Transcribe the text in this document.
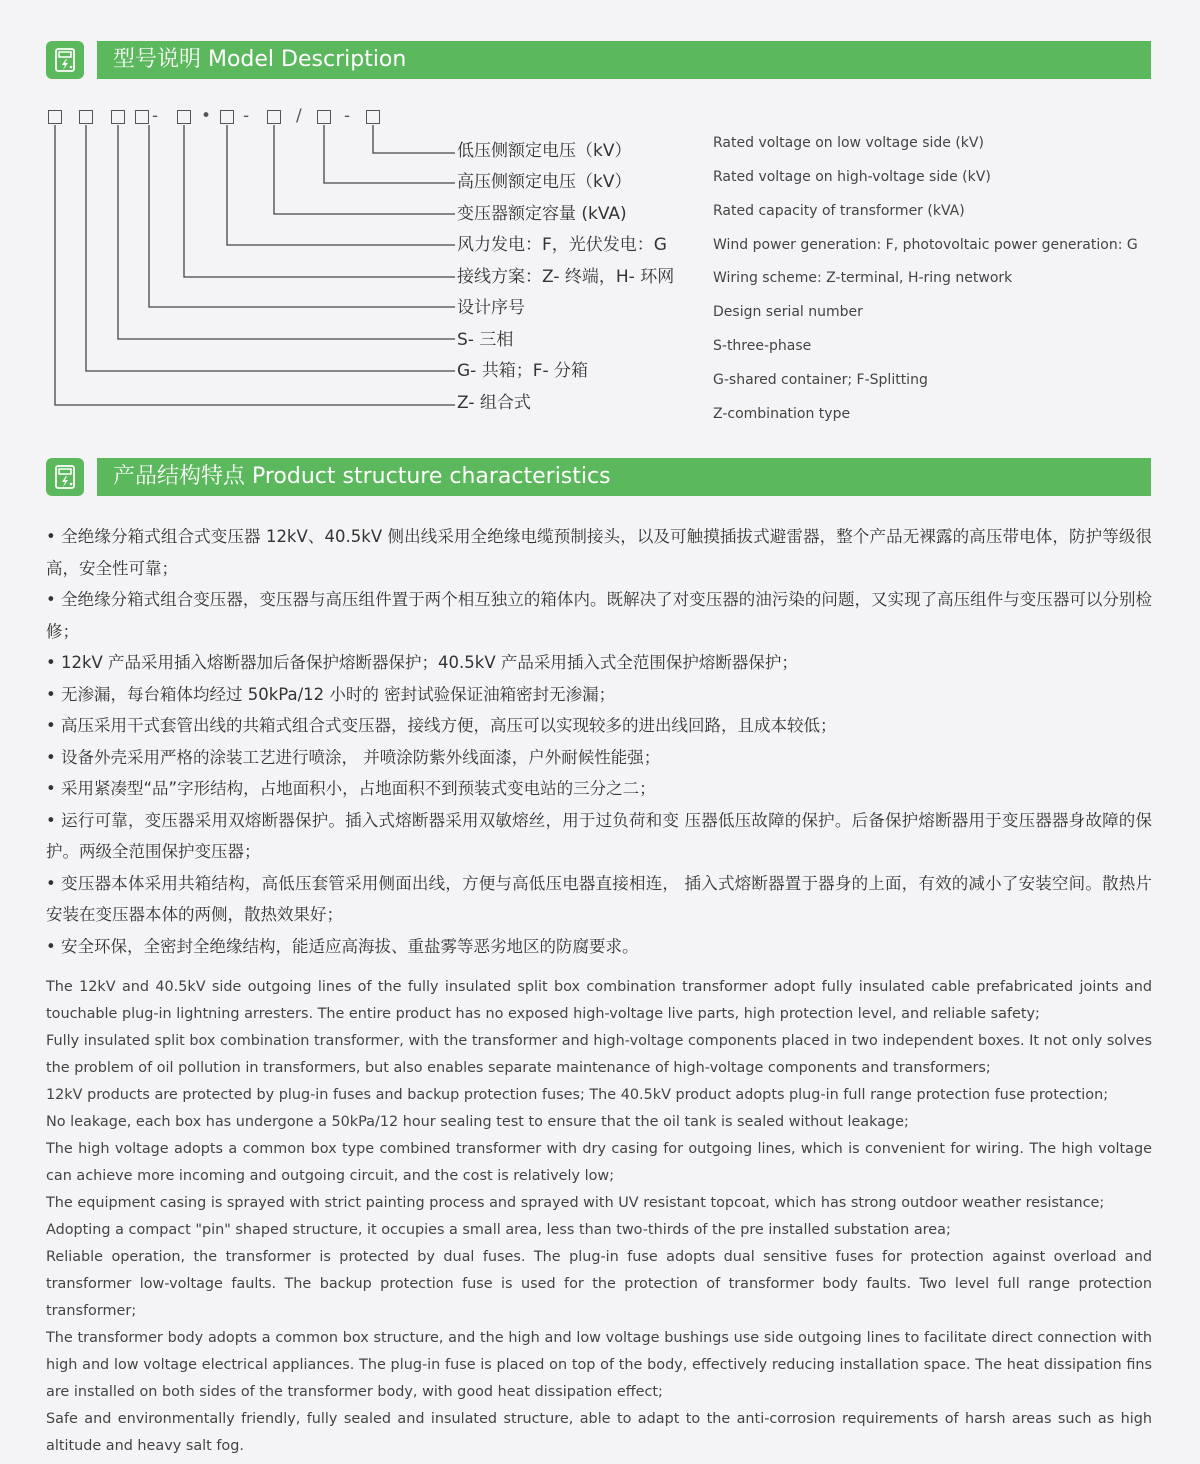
型号说明 Model Description
-	• -	/ -
低压侧额定电压（kV）
高压侧额定电压（kV）
变压器额定容量 (kVA)
风力发电：F，光伏发电：G
接线方案：Z- 终端，H- 环网
设计序号
S- 三相
G- 共箱；F- 分箱
Z- 组合式
Rated voltage on low voltage side (kV)
Rated voltage on high-voltage side (kV)
Rated capacity of transformer (kVA)
Wind power generation: F, photovoltaic power generation: G
Wiring scheme: Z-terminal, H-ring network
Design serial number
S-three-phase
G-shared container; F-Splitting
Z-combination type
产品结构特点 Product structure characteristics

• 全绝缘分箱式组合式变压器 12kV、40.5kV 侧出线采用全绝缘电缆预制接头，以及可触摸插拔式避雷器，整个产品无裸露的高压带电体，防护等级很高，安全性可靠；

• 全绝缘分箱式组合变压器，变压器与高压组件置于两个相互独立的箱体内。既解决了对变压器的油污染的问题，又实现了高压组件与变压器可以分别检修；

• 12kV 产品采用插入熔断器加后备保护熔断器保护；40.5kV 产品采用插入式全范围保护熔断器保护；

• 无渗漏，每台箱体均经过 50kPa/12 小时的 密封试验保证油箱密封无渗漏；

• 高压采用干式套管出线的共箱式组合式变压器，接线方便，高压可以实现较多的进出线回路，且成本较低；

• 设备外壳采用严格的涂装工艺进行喷涂， 并喷涂防紫外线面漆，户外耐候性能强；

• 采用紧凑型“品”字形结构，占地面积小，占地面积不到预装式变电站的三分之二；

• 运行可靠，变压器采用双熔断器保护。插入式熔断器采用双敏熔丝，用于过负荷和变 压器低压故障的保护。后备保护熔断器用于变压器器身故障的保护。两级全范围保护变压器；

• 变压器本体采用共箱结构，高低压套管采用侧面出线，方便与高低压电器直接相连， 插入式熔断器置于器身的上面，有效的减小了安装空间。散热片安装在变压器本体的两侧，散热效果好；

• 安全环保，全密封全绝缘结构，能适应高海拔、重盐雾等恶劣地区的防腐要求。

The 12kV and 40.5kV side outgoing lines of the fully insulated split box combination transformer adopt fully insulated cable prefabricated joints and touchable plug-in lightning arresters. The entire product has no exposed high-voltage live parts, high protection level, and reliable safety;

Fully insulated split box combination transformer, with the transformer and high-voltage components placed in two independent boxes. It not only solves the problem of oil pollution in transformers, but also enables separate maintenance of high-voltage components and transformers;

12kV products are protected by plug-in fuses and backup protection fuses; The 40.5kV product adopts plug-in full range protection fuse protection;

No leakage, each box has undergone a 50kPa/12 hour sealing test to ensure that the oil tank is sealed without leakage;

The high voltage adopts a common box type combined transformer with dry casing for outgoing lines, which is convenient for wiring. The high voltage can achieve more incoming and outgoing circuit, and the cost is relatively low;

The equipment casing is sprayed with strict painting process and sprayed with UV resistant topcoat, which has strong outdoor weather resistance;

Adopting a compact "pin" shaped structure, it occupies a small area, less than two-thirds of the pre installed substation area;

Reliable operation, the transformer is protected by dual fuses. The plug-in fuse adopts dual sensitive fuses for protection against overload and transformer low-voltage faults. The backup protection fuse is used for the protection of transformer body faults. Two level full range protection transformer;

The transformer body adopts a common box structure, and the high and low voltage bushings use side outgoing lines to facilitate direct connection with high and low voltage electrical appliances. The plug-in fuse is placed on top of the body, effectively reducing installation space. The heat dissipation fins are installed on both sides of the transformer body, with good heat dissipation effect;

Safe and environmentally friendly, fully sealed and insulated structure, able to adapt to the anti-corrosion requirements of harsh areas such as high altitude and heavy salt fog.
